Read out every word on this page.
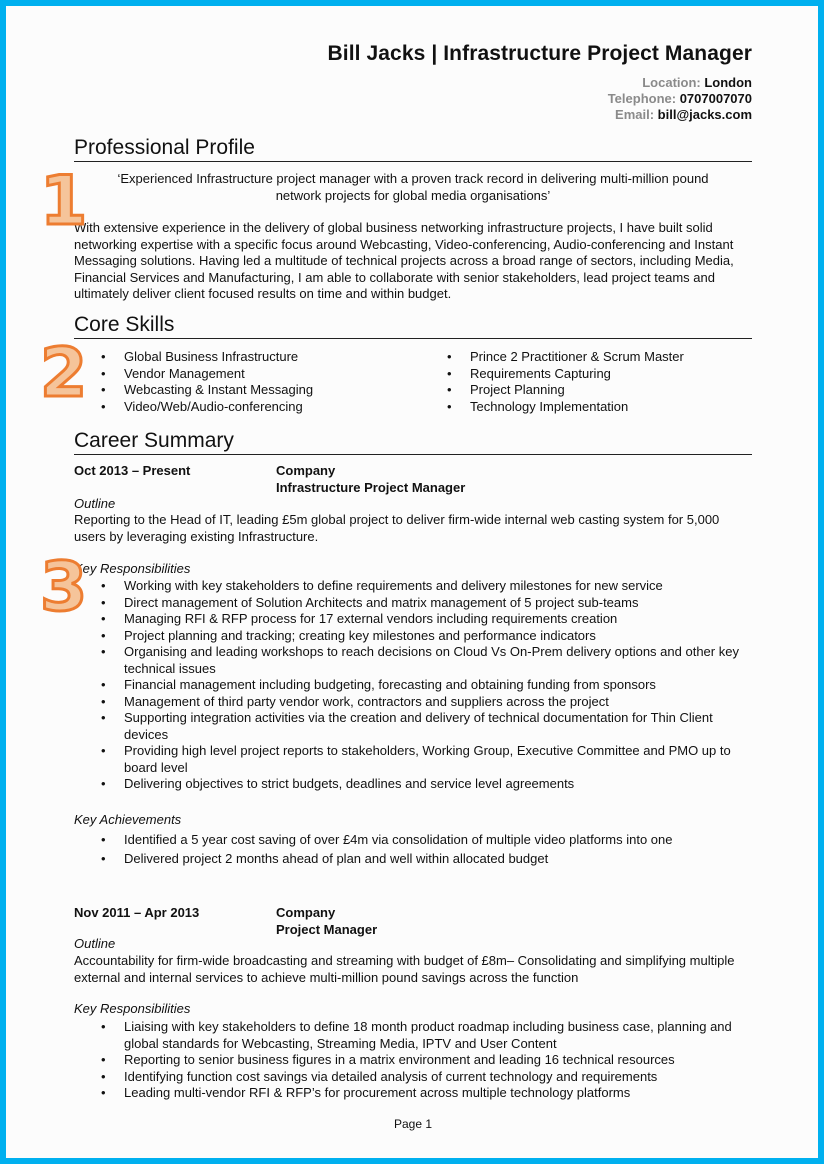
Bill Jacks | Infrastructure Project Manager
Location: London
Telephone: 0707007070
Email: bill@jacks.com
Professional Profile
‘Experienced Infrastructure project manager with a proven track record in delivering multi-million pound
network projects for global media organisations’
With extensive experience in the delivery of global business networking infrastructure projects, I have built solid networking expertise with a specific focus around Webcasting, Video-conferencing, Audio-conferencing and Instant Messaging solutions. Having led a multitude of technical projects across a broad range of sectors, including Media, Financial Services and Manufacturing, I am able to collaborate with senior stakeholders, lead project teams and ultimately deliver client focused results on time and within budget.
Core Skills
• Global Business Infrastructure
• Vendor Management
• Webcasting & Instant Messaging
• Video/Web/Audio-conferencing
• Prince 2 Practitioner & Scrum Master
• Requirements Capturing
• Project Planning
• Technology Implementation
Career Summary
Oct 2013 – Present	Company
Infrastructure Project Manager
Outline
Reporting to the Head of IT, leading £5m global project to deliver firm-wide internal web casting system for 5,000 users by leveraging existing Infrastructure.
Key Responsibilities
• Working with key stakeholders to define requirements and delivery milestones for new service
• Direct management of Solution Architects and matrix management of 5 project sub-teams
• Managing RFI & RFP process for 17 external vendors including requirements creation
• Project planning and tracking; creating key milestones and performance indicators
• Organising and leading workshops to reach decisions on Cloud Vs On-Prem delivery options and other key technical issues
• Financial management including budgeting, forecasting and obtaining funding from sponsors
• Management of third party vendor work, contractors and suppliers across the project
• Supporting integration activities via the creation and delivery of technical documentation for Thin Client devices
• Providing high level project reports to stakeholders, Working Group, Executive Committee and PMO up to board level
• Delivering objectives to strict budgets, deadlines and service level agreements
Key Achievements
• Identified a 5 year cost saving of over £4m via consolidation of multiple video platforms into one
• Delivered project 2 months ahead of plan and well within allocated budget
Nov 2011 – Apr 2013	Company
Project Manager
Outline
Accountability for firm-wide broadcasting and streaming with budget of £8m– Consolidating and simplifying multiple external and internal services to achieve multi-million pound savings across the function
Key Responsibilities
• Liaising with key stakeholders to define 18 month product roadmap including business case, planning and global standards for Webcasting, Streaming Media, IPTV and User Content
• Reporting to senior business figures in a matrix environment and leading 16 technical resources
• Identifying function cost savings via detailed analysis of current technology and requirements
• Leading multi-vendor RFI & RFP’s for procurement across multiple technology platforms
Page 1
1
2
3
